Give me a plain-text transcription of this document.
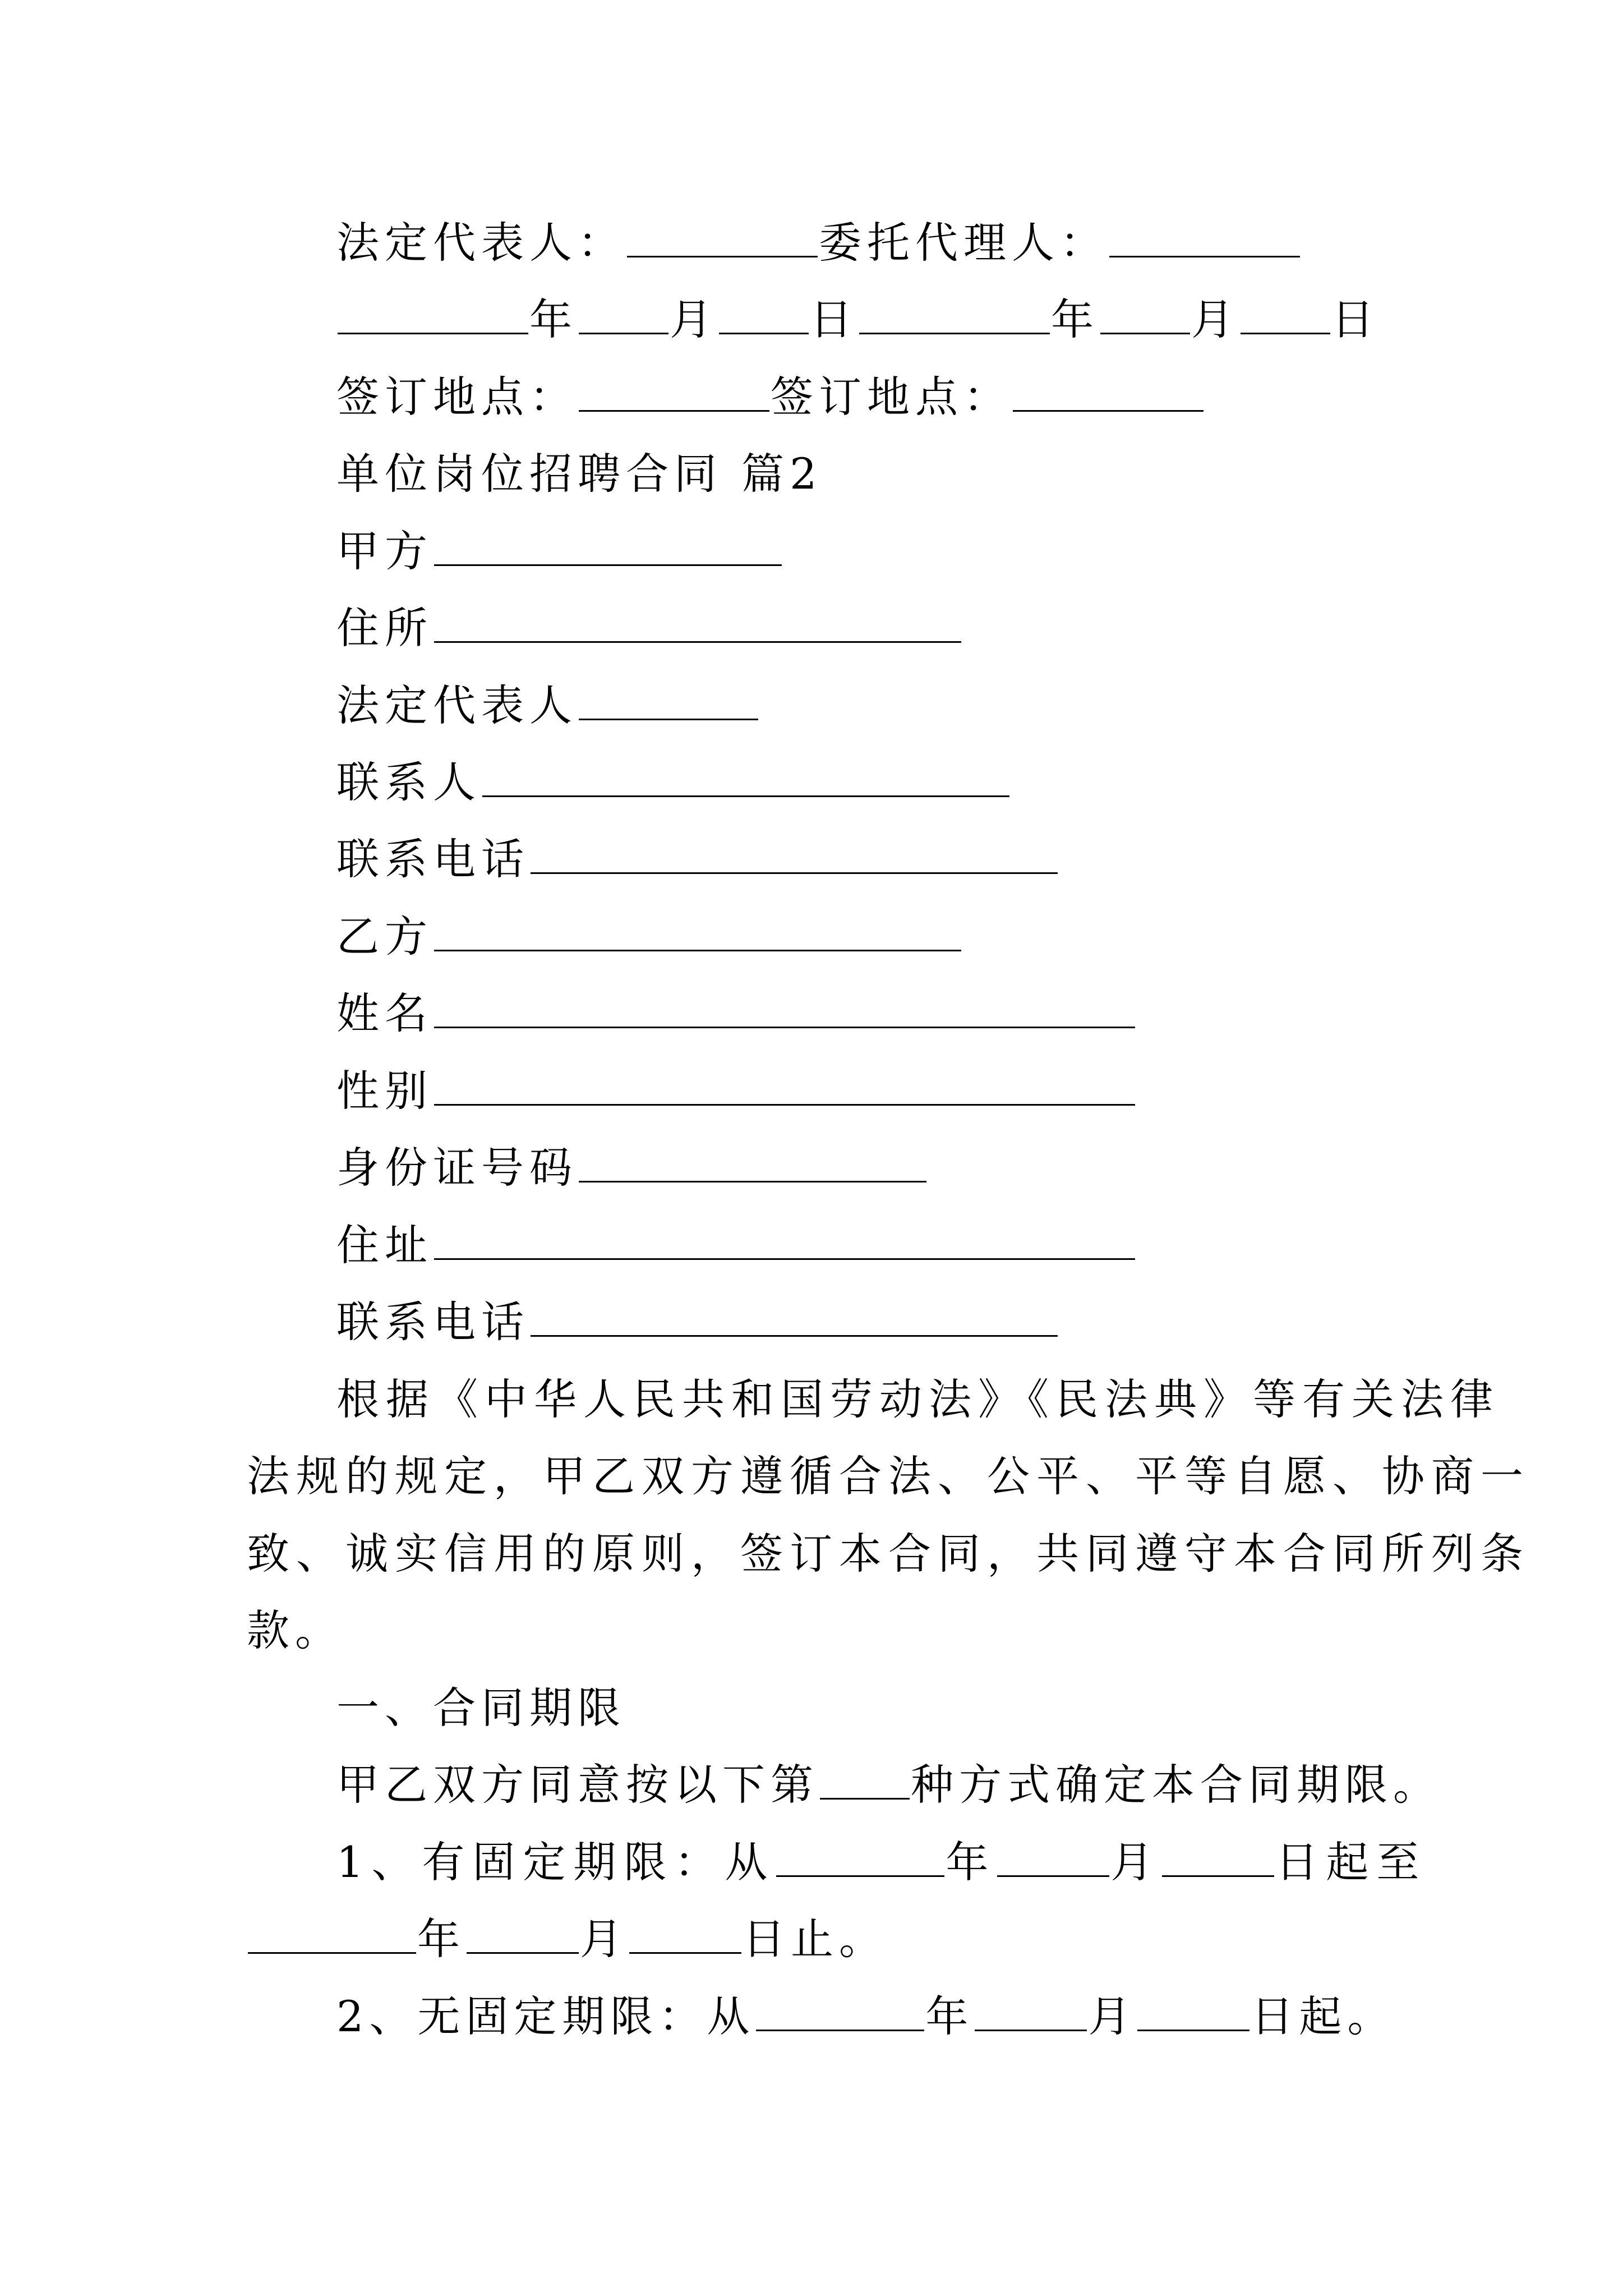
法定代表人：	委托代理人：
年 月 日	年 月 日
签订地点：	签订地点：
单位岗位招聘合同 篇2
甲方
住所
法定代表人
联系人
联系电话
乙方
姓名
性别
身份证号码
住址
联系电话
根据《中华人民共和国劳动法》《民法典》等有关法律
法规的规定，甲乙双方遵循合法、公平、平等自愿、协商一
致、诚实信用的原则，签订本合同，共同遵守本合同所列条
款。
一、合同期限
甲乙双方同意按以下第 种方式确定本合同期限。
1、有固定期限：从	年	月	日起至
年	月	日止。
2、无固定期限：从	年	月	日起。
